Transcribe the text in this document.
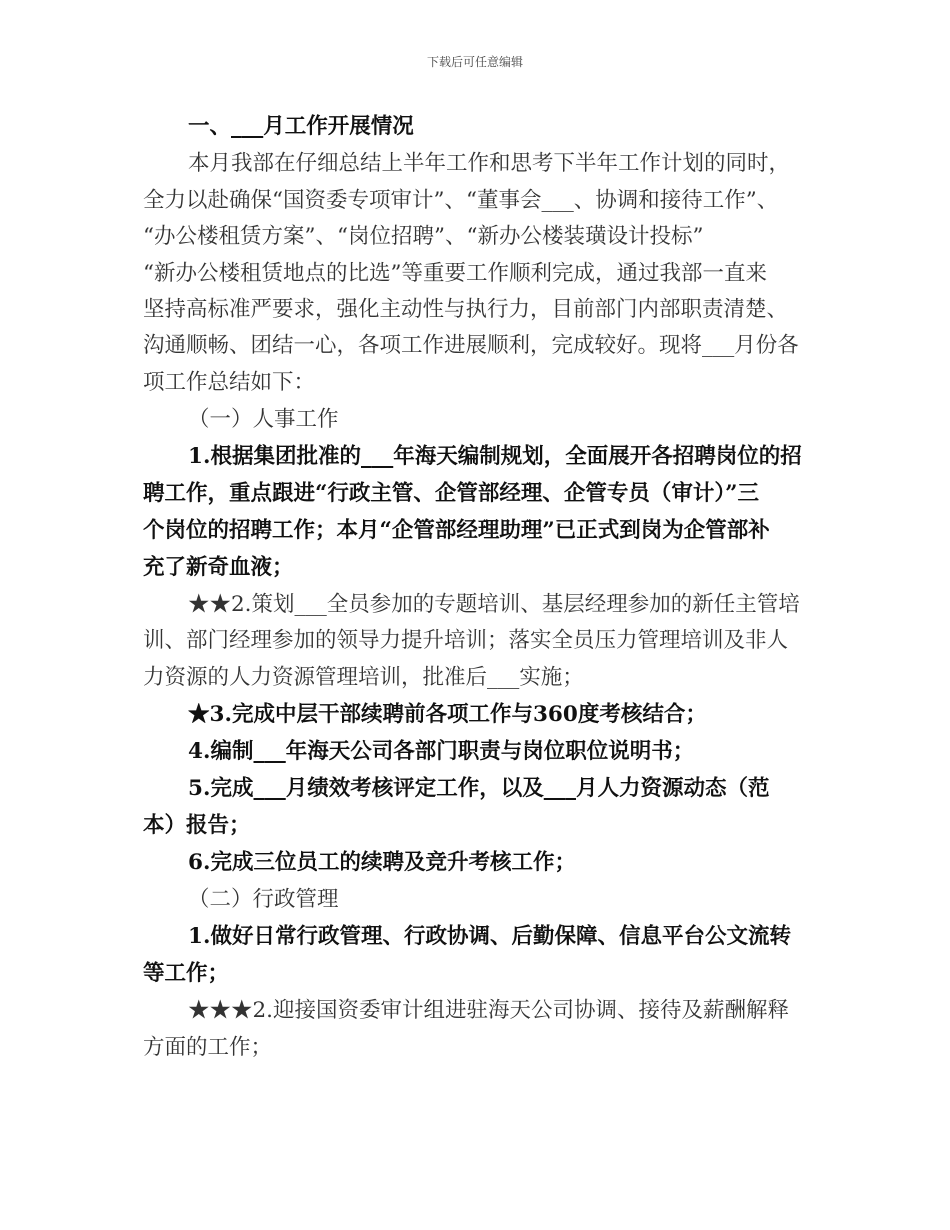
下载后可任意编辑
一、___月工作开展情况
本月我部在仔细总结上半年工作和思考下半年工作计划的同时，
全力以赴确保“国资委专项审计”、“董事会___、协调和接待工作”、
“办公楼租赁方案”、“岗位招聘”、“新办公楼装璜设计投标”
“新办公楼租赁地点的比选”等重要工作顺利完成，通过我部一直来
坚持高标准严要求，强化主动性与执行力，目前部门内部职责清楚、
沟通顺畅、团结一心，各项工作进展顺利，完成较好。现将___月份各
项工作总结如下：
（一）人事工作
1.根据集团批准的___年海天编制规划，全面展开各招聘岗位的招
聘工作，重点跟进“行政主管、企管部经理、企管专员（审计）”三
个岗位的招聘工作；本月“企管部经理助理”已正式到岗为企管部补
充了新奇血液；
★★2.策划___全员参加的专题培训、基层经理参加的新任主管培
训、部门经理参加的领导力提升培训；落实全员压力管理培训及非人
力资源的人力资源管理培训，批准后___实施；
★3.完成中层干部续聘前各项工作与360度考核结合；
4.编制___年海天公司各部门职责与岗位职位说明书；
5.完成___月绩效考核评定工作，以及___月人力资源动态（范
本）报告；
6.完成三位员工的续聘及竞升考核工作；
（二）行政管理
1.做好日常行政管理、行政协调、后勤保障、信息平台公文流转
等工作；
★★★2.迎接国资委审计组进驻海天公司协调、接待及薪酬解释
方面的工作；
